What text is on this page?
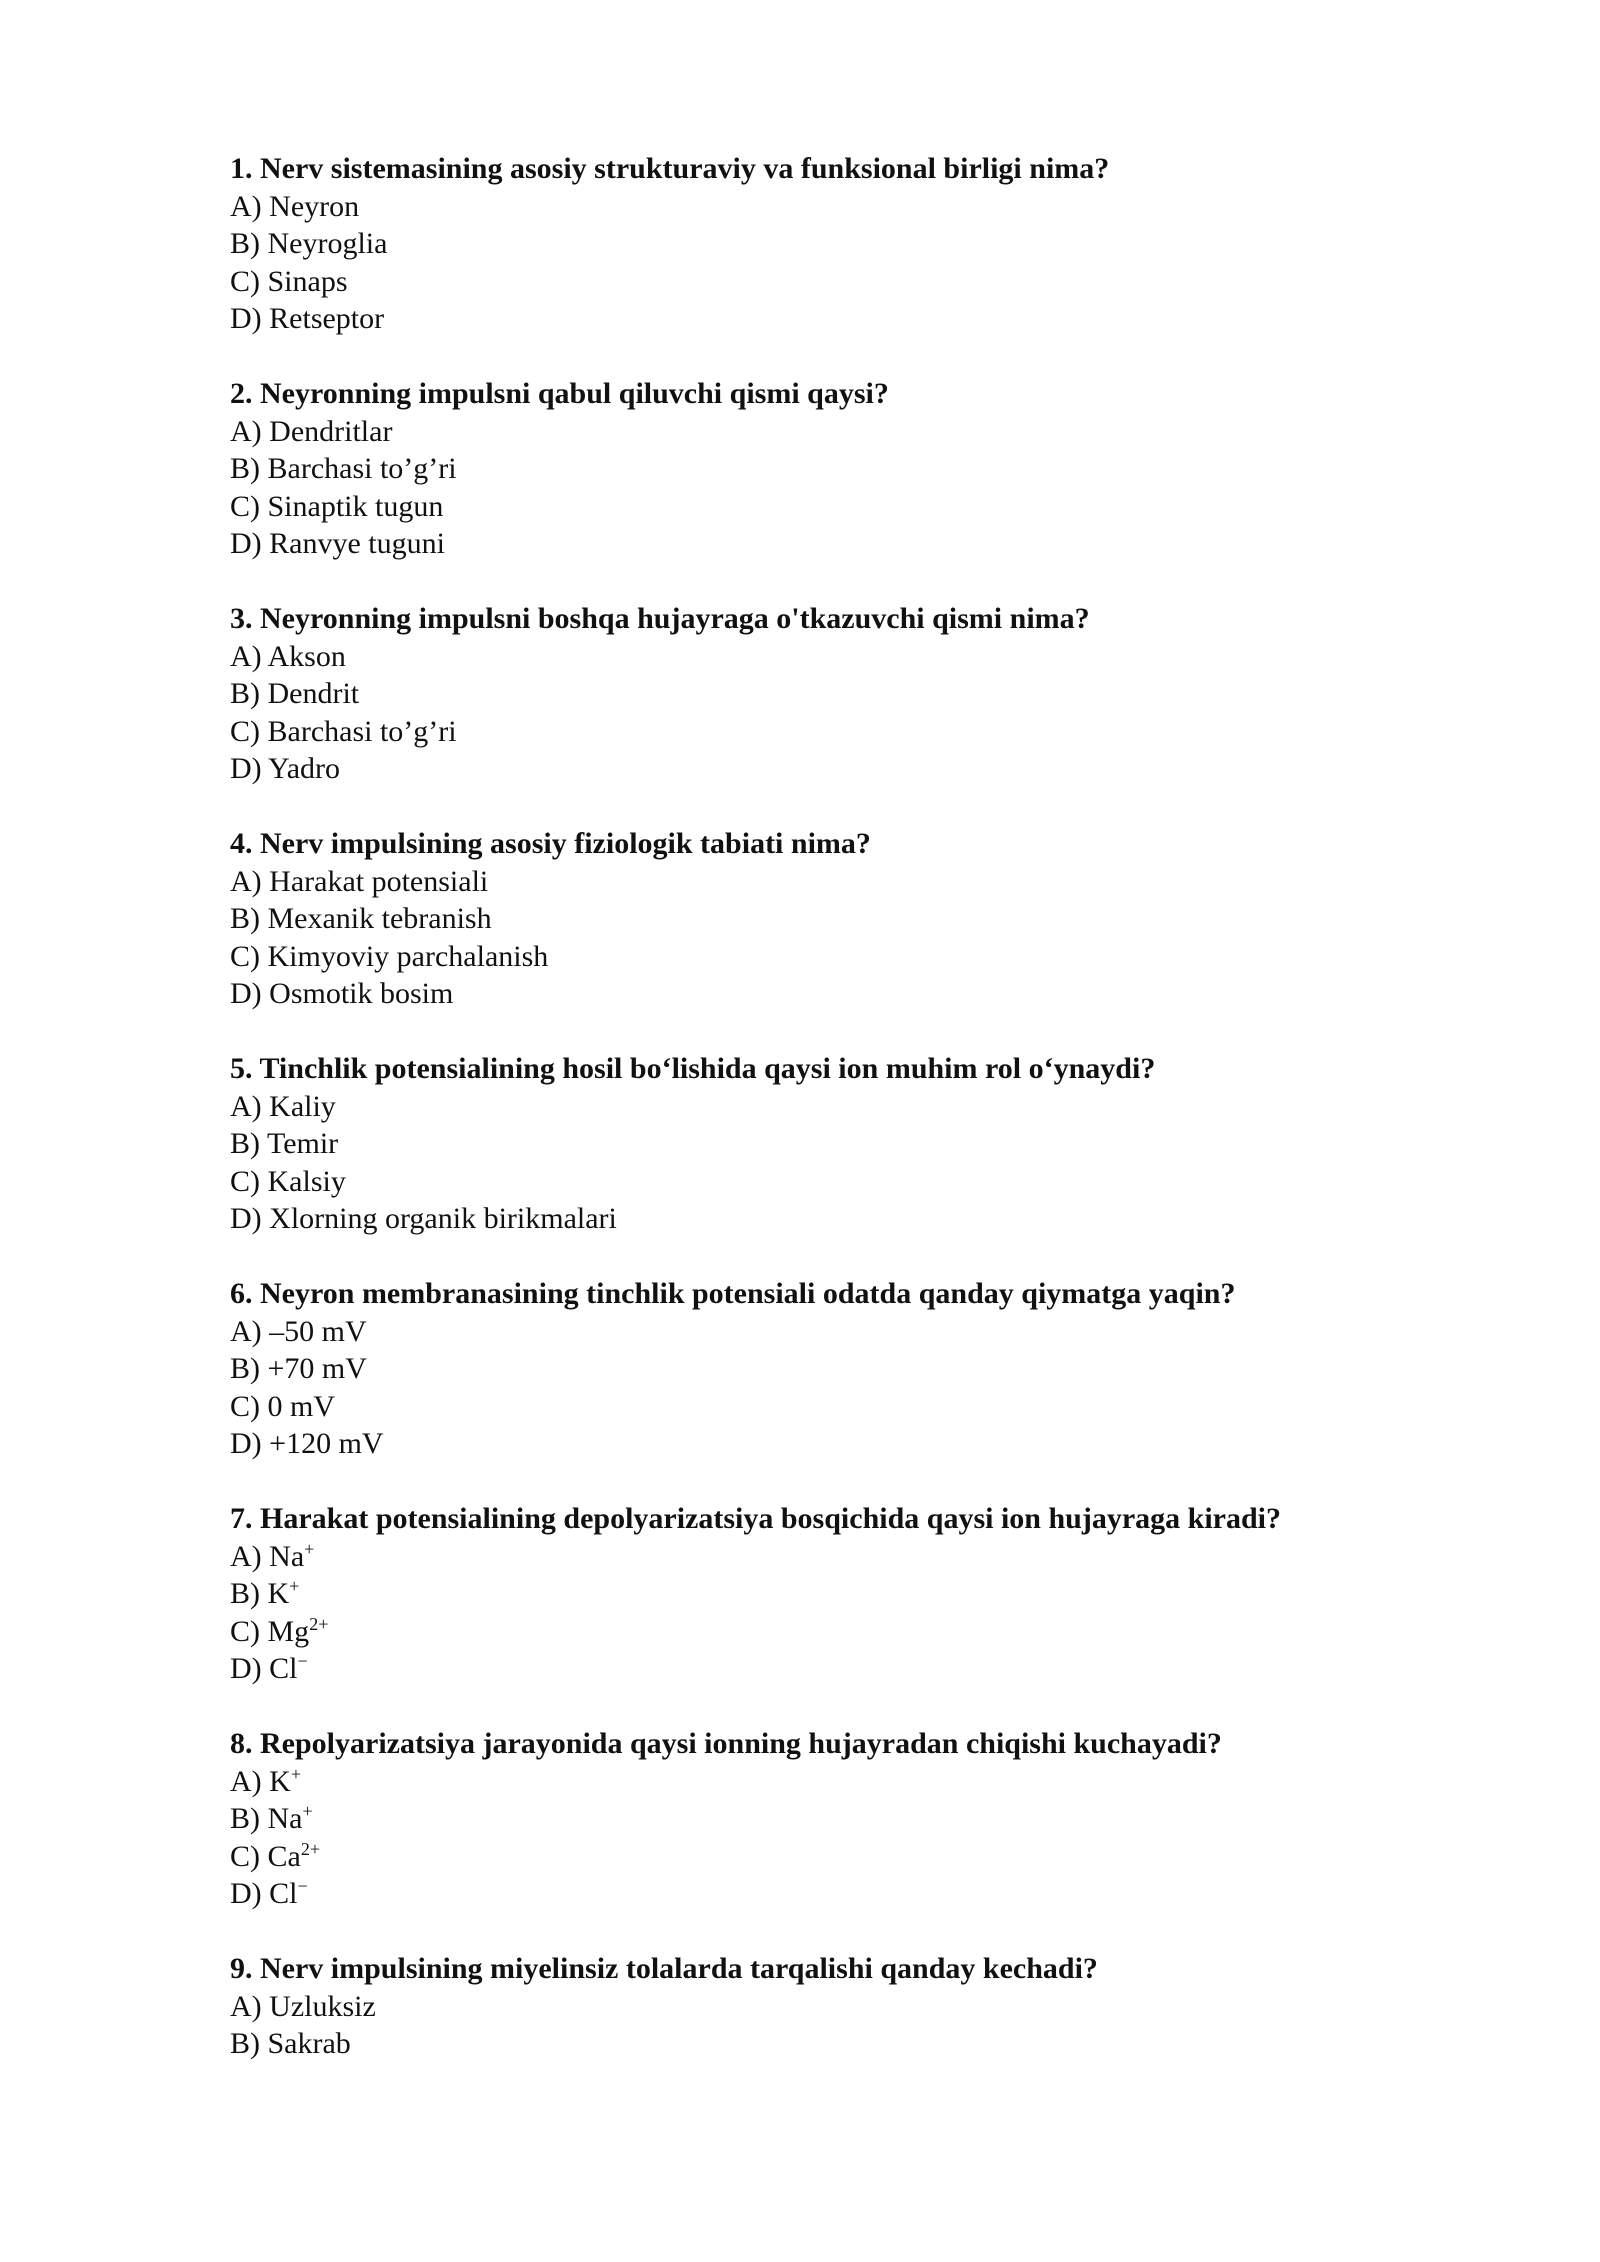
1. Nerv sistemasining asosiy strukturaviy va funksional birligi nima?
A) Neyron
B) Neyroglia
C) Sinaps
D) Retseptor
2. Neyronning impulsni qabul qiluvchi qismi qaysi?
A) Dendritlar
B) Barchasi to’g’ri
C) Sinaptik tugun
D) Ranvye tuguni
3. Neyronning impulsni boshqa hujayraga o'tkazuvchi qismi nima?
A) Akson
B) Dendrit
C) Barchasi to’g’ri
D) Yadro
4. Nerv impulsining asosiy fiziologik tabiati nima?
A) Harakat potensiali
B) Mexanik tebranish
C) Kimyoviy parchalanish
D) Osmotik bosim
5. Tinchlik potensialining hosil bo‘lishida qaysi ion muhim rol o‘ynaydi?
A) Kaliy
B) Temir
C) Kalsiy
D) Xlorning organik birikmalari
6. Neyron membranasining tinchlik potensiali odatda qanday qiymatga yaqin?
A) –50 mV
B) +70 mV
C) 0 mV
D) +120 mV
7. Harakat potensialining depolyarizatsiya bosqichida qaysi ion hujayraga kiradi?
A) Na+
B) K+
C) $Mg^{2+}$
D) Cl−
8. Repolyarizatsiya jarayonida qaysi ionning hujayradan chiqishi kuchayadi?
A) K+
B) Na+
C) $Ca^{2+}$
D) Cl−
9. Nerv impulsining miyelinsiz tolalarda tarqalishi qanday kechadi?
A) Uzluksiz
B) Sakrab
